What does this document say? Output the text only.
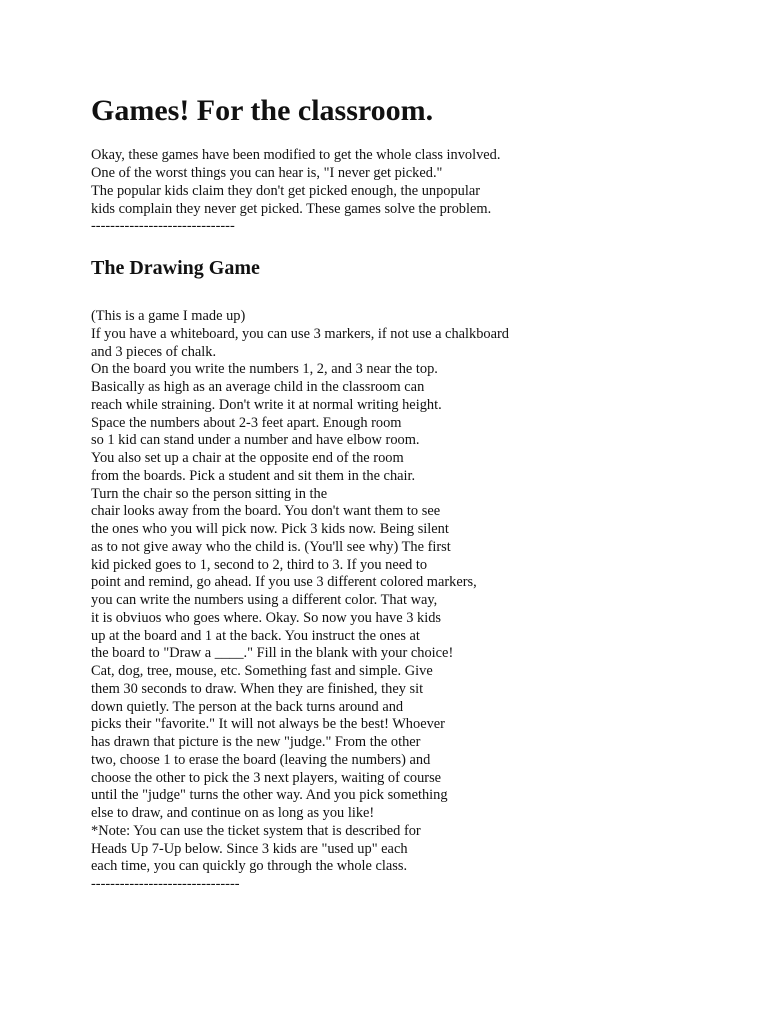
Games! For the classroom.
Okay, these games have been modified to get the whole class involved.
One of the worst things you can hear is, "I never get picked."
The popular kids claim they don't get picked enough, the unpopular
kids complain they never get picked. These games solve the problem.
------------------------------
The Drawing Game
(This is a game I made up)
If you have a whiteboard, you can use 3 markers, if not use a chalkboard
and 3 pieces of chalk.
On the board you write the numbers 1, 2, and 3 near the top.
Basically as high as an average child in the classroom can
reach while straining. Don't write it at normal writing height.
Space the numbers about 2-3 feet apart. Enough room
so 1 kid can stand under a number and have elbow room.
You also set up a chair at the opposite end of the room
from the boards. Pick a student and sit them in the chair.
Turn the chair so the person sitting in the
chair looks away from the board. You don't want them to see
the ones who you will pick now. Pick 3 kids now. Being silent
as to not give away who the child is. (You'll see why) The first
kid picked goes to 1, second to 2, third to 3. If you need to
point and remind, go ahead. If you use 3 different colored markers,
you can write the numbers using a different color. That way,
it is obviuos who goes where. Okay. So now you have 3 kids
up at the board and 1 at the back. You instruct the ones at
the board to "Draw a ____." Fill in the blank with your choice!
Cat, dog, tree, mouse, etc. Something fast and simple. Give
them 30 seconds to draw. When they are finished, they sit
down quietly. The person at the back turns around and
picks their "favorite." It will not always be the best! Whoever
has drawn that picture is the new "judge." From the other
two, choose 1 to erase the board (leaving the numbers) and
choose the other to pick the 3 next players, waiting of course
until the "judge" turns the other way. And you pick something
else to draw, and continue on as long as you like!
*Note: You can use the ticket system that is described for
Heads Up 7-Up below. Since 3 kids are "used up" each
each time, you can quickly go through the whole class.
-------------------------------
